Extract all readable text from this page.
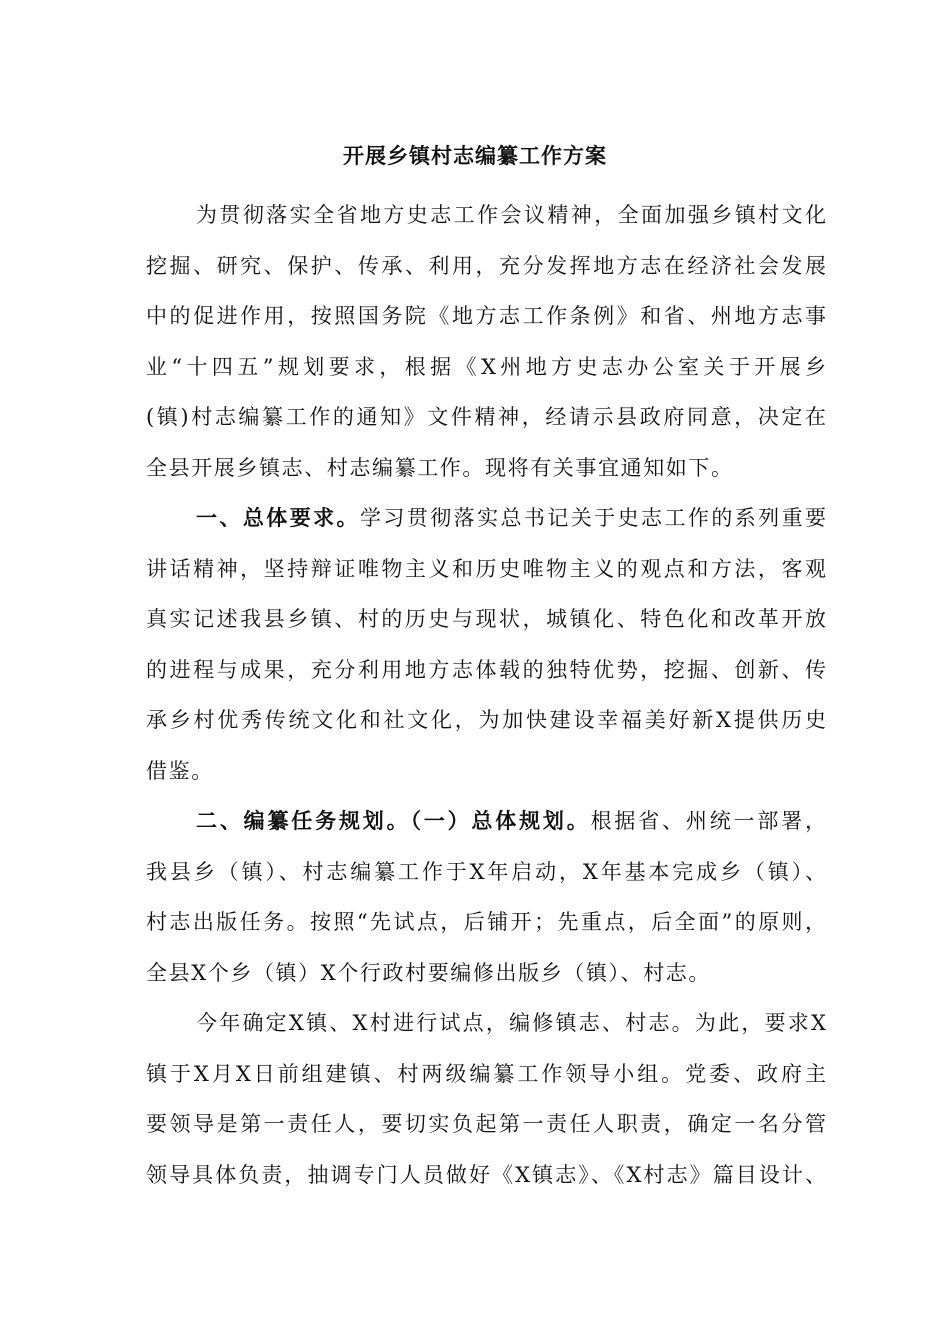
开展乡镇村志编纂工作方案
为贯彻落实全省地方史志工作会议精神，全面加强乡镇村文化
挖掘、研究、保护、传承、利用，充分发挥地方志在经济社会发展
中的促进作用，按照国务院《地方志工作条例》和省、州地方志事
业“十四五”规划要求，根据《X州地方史志办公室关于开展乡
(镇)村志编纂工作的通知》文件精神，经请示县政府同意，决定在
全县开展乡镇志、村志编纂工作。现将有关事宜通知如下。
一、总体要求。学习贯彻落实总书记关于史志工作的系列重要
讲话精神，坚持辩证唯物主义和历史唯物主义的观点和方法，客观
真实记述我县乡镇、村的历史与现状，城镇化、特色化和改革开放
的进程与成果，充分利用地方志体载的独特优势，挖掘、创新、传
承乡村优秀传统文化和社文化，为加快建设幸福美好新X提供历史
借鉴。
二、编纂任务规划。（一）总体规划。根据省、州统一部署，
我县乡（镇）、村志编纂工作于X年启动，X年基本完成乡（镇）、
村志出版任务。按照“先试点，后铺开；先重点，后全面”的原则，
全县X个乡（镇）X个行政村要编修出版乡（镇）、村志。
今年确定X镇、X村进行试点，编修镇志、村志。为此，要求X
镇于X月X日前组建镇、村两级编纂工作领导小组。党委、政府主
要领导是第一责任人，要切实负起第一责任人职责，确定一名分管
领导具体负责，抽调专门人员做好《X镇志》、《X村志》篇目设计、
